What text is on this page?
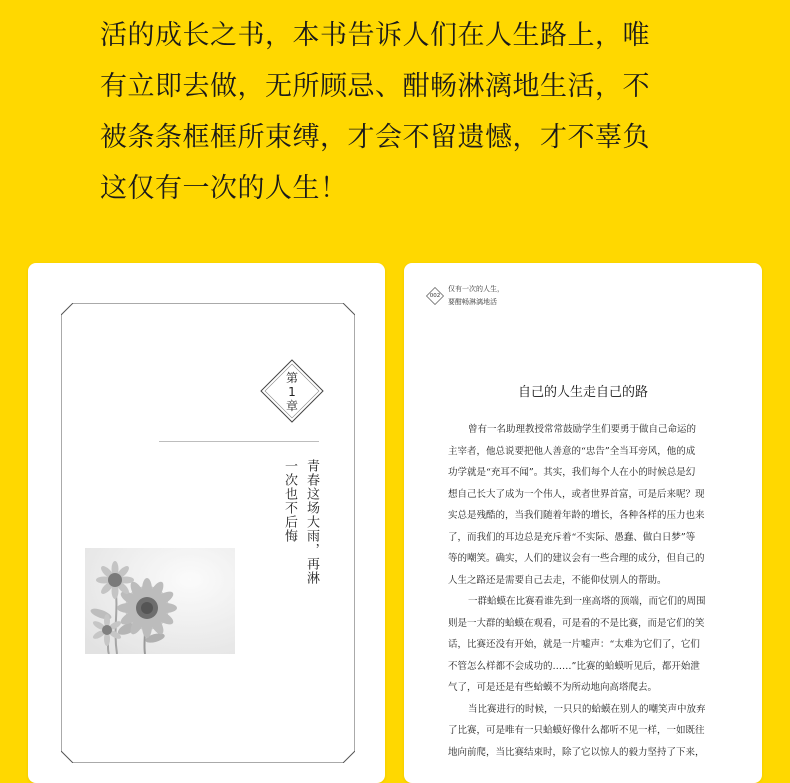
活的成长之书，本书告诉人们在人生路上，唯
有立即去做，无所顾忌、酣畅淋漓地生活，不
被条条框框所束缚，才会不留遗憾，才不辜负
这仅有一次的人生！
第
1
章
青春这场大雨，再淋
一次也不后悔
002
仅有一次的人生，
要酣畅淋漓地活
自己的人生走自己的路
曾有一名助理教授常常鼓励学生们要勇于做自己命运的
主宰者，他总说要把他人善意的“忠告”全当耳旁风，他的成
功学就是“充耳不闻”。其实，我们每个人在小的时候总是幻
想自己长大了成为一个伟人，或者世界首富，可是后来呢？现
实总是残酷的，当我们随着年龄的增长，各种各样的压力也来
了，而我们的耳边总是充斥着“不实际、愚蠢、做白日梦”等
等的嘲笑。确实，人们的建议会有一些合理的成分，但自己的
人生之路还是需要自己去走，不能仰仗别人的帮助。
一群蛤蟆在比赛看谁先到一座高塔的顶端，而它们的周围
则是一大群的蛤蟆在观看，可是看的不是比赛，而是它们的笑
话，比赛还没有开始，就是一片嘘声：“太难为它们了，它们
不管怎么样都不会成功的……”比赛的蛤蟆听见后，都开始泄
气了，可是还是有些蛤蟆不为所动地向高塔爬去。
当比赛进行的时候，一只只的蛤蟆在别人的嘲笑声中放弃
了比赛，可是唯有一只蛤蟆好像什么都听不见一样，一如既往
地向前爬，当比赛结束时，除了它以惊人的毅力坚持了下来，
